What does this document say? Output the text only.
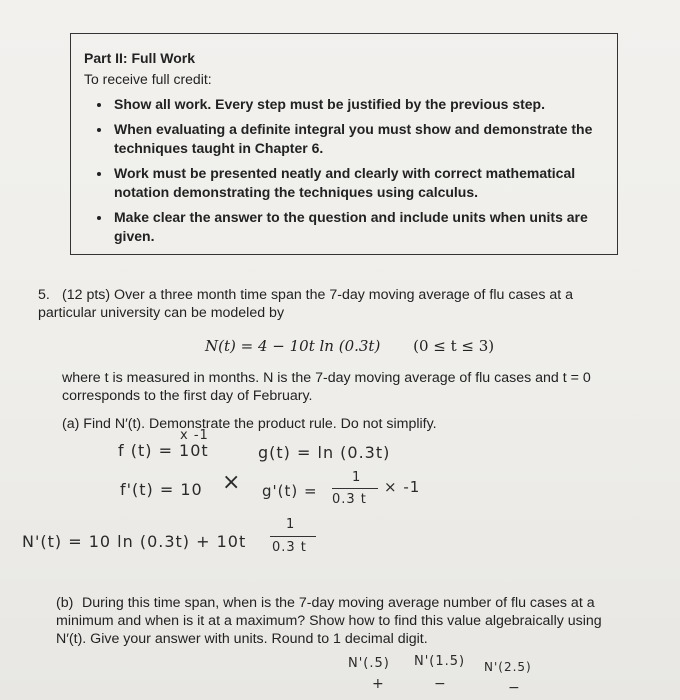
Part II: Full Work
To receive full credit:
• Show all work. Every step must be justified by the previous step.
• When evaluating a definite integral you must show and demonstrate the techniques taught in Chapter 6.
• Work must be presented neatly and clearly with correct mathematical notation demonstrating the techniques using calculus.
• Make clear the answer to the question and include units when units are given.
5. (12 pts) Over a three month time span the 7-day moving average of flu cases at a particular university can be modeled by
N(t) = 4 − 10t ln (0.3t) (0 ≤ t ≤ 3)
where t is measured in months. N is the 7-day moving average of flu cases and t = 0 corresponds to the first day of February.
(a) Find N′(t). Demonstrate the product rule. Do not simplify.
x -1
f (t) = 10t	g(t) = ln (0.3t)
f'(t) = 10 × g'(t) =
1
0.3 t
× -1
N'(t) = 10 ln (0.3t) + 10t
1
0.3 t
(b) During this time span, when is the 7-day moving average number of flu cases at a minimum and when is it at a maximum? Show how to find this value algebraically using N′(t). Give your answer with units. Round to 1 decimal digit.
N'(.5) N'(1.5) N'(2.5)
+	−	−
